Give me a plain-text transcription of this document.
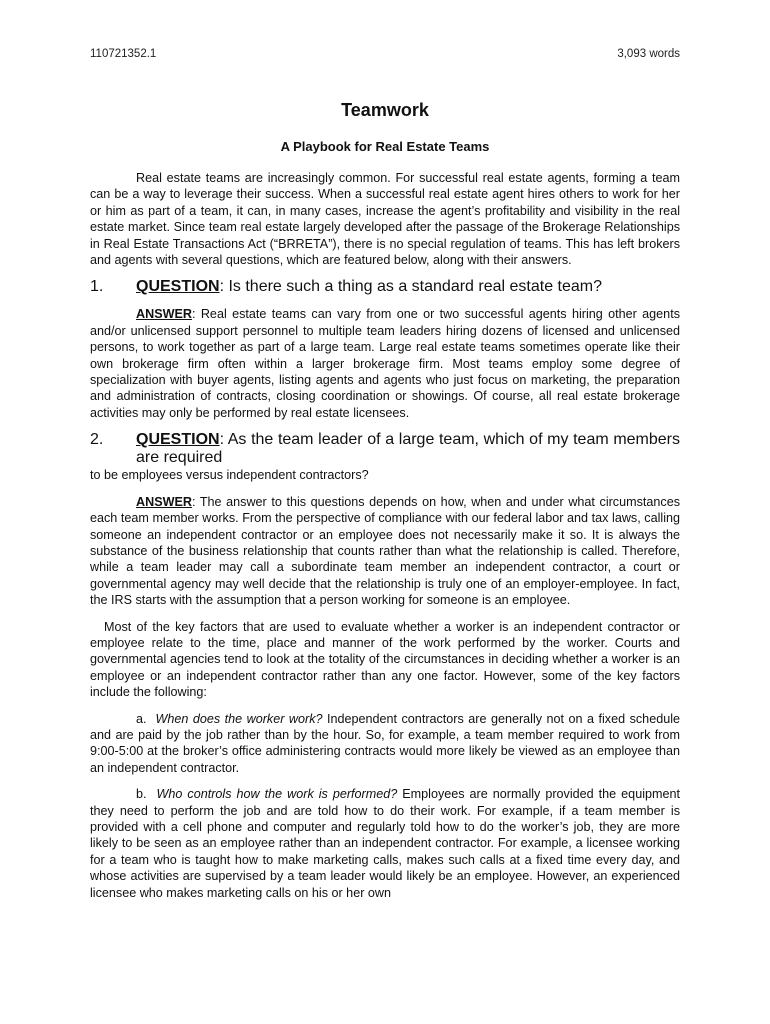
110721352.1	3,093 words
Teamwork
A Playbook for Real Estate Teams

Real estate teams are increasingly common. For successful real estate agents, forming a team can be a way to leverage their success. When a successful real estate agent hires others to work for her or him as part of a team, it can, in many cases, increase the agent’s profitability and visibility in the real estate market. Since team real estate largely developed after the passage of the Brokerage Relationships in Real Estate Transactions Act (“BRRETA”), there is no special regulation of teams. This has left brokers and agents with several questions, which are featured below, along with their answers.

1.	QUESTION: Is there such a thing as a standard real estate team?

ANSWER: Real estate teams can vary from one or two successful agents hiring other agents and/or unlicensed support personnel to multiple team leaders hiring dozens of licensed and unlicensed persons, to work together as part of a large team. Large real estate teams sometimes operate like their own brokerage firm often within a larger brokerage firm. Most teams employ some degree of specialization with buyer agents, listing agents and agents who just focus on marketing, the preparation and administration of contracts, closing coordination or showings. Of course, all real estate brokerage activities may only be performed by real estate licensees.

2.	QUESTION: As the team leader of a large team, which of my team members are required

to be employees versus independent contractors?

ANSWER: The answer to this questions depends on how, when and under what circumstances each team member works. From the perspective of compliance with our federal labor and tax laws, calling someone an independent contractor or an employee does not necessarily make it so. It is always the substance of the business relationship that counts rather than what the relationship is called. Therefore, while a team leader may call a subordinate team member an independent contractor, a court or governmental agency may well decide that the relationship is truly one of an employer-employee. In fact, the IRS starts with the assumption that a person working for someone is an employee.

Most of the key factors that are used to evaluate whether a worker is an independent contractor or employee relate to the time, place and manner of the work performed by the worker. Courts and governmental agencies tend to look at the totality of the circumstances in deciding whether a worker is an employee or an independent contractor rather than any one factor. However, some of the key factors include the following:

a. When does the worker work? Independent contractors are generally not on a fixed schedule and are paid by the job rather than by the hour. So, for example, a team member required to work from 9:00-5:00 at the broker’s office administering contracts would more likely be viewed as an employee than an independent contractor.

b. Who controls how the work is performed? Employees are normally provided the equipment they need to perform the job and are told how to do their work. For example, if a team member is provided with a cell phone and computer and regularly told how to do the worker’s job, they are more likely to be seen as an employee rather than an independent contractor. For example, a licensee working for a team who is taught how to make marketing calls, makes such calls at a fixed time every day, and whose activities are supervised by a team leader would likely be an employee. However, an experienced licensee who makes marketing calls on his or her own
